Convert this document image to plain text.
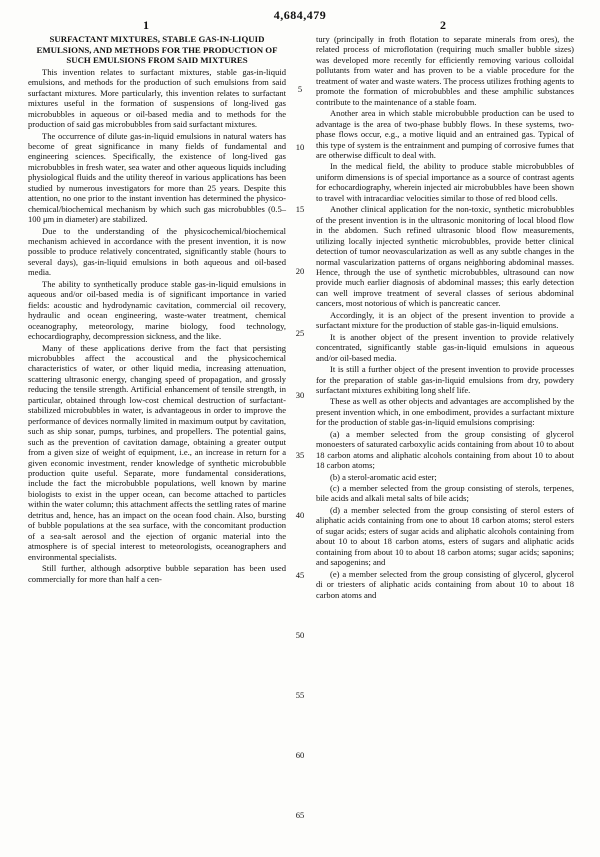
4,684,479
1	2

SURFACTANT MIXTURES, STABLE GAS-IN-LIQUID EMULSIONS, AND METHODS FOR THE PRODUCTION OF SUCH EMULSIONS FROM SAID MIXTURES

This invention relates to surfactant mixtures, stable gas-in-liquid emulsions, and methods for the production of such emulsions from said surfactant mixtures. More particularly, this invention relates to surfactant mixtures useful in the formation of suspensions of long-lived gas microbubbles in aqueous or oil-based media and to methods for the production of said gas microbubbles from said surfactant mixtures.

The occurrence of dilute gas-in-liquid emulsions in natural waters has become of great significance in many fields of fundamental and engineering sciences. Specifically, the existence of long-lived gas microbubbles in fresh water, sea water and other aqueous liquids including physiological fluids and the utility thereof in various applications has been studied by numerous investigators for more than 25 years. Despite this attention, no one prior to the instant invention has determined the physico-chemical/biochemical mechanism by which such gas microbubbles (0.5–100 μm in diameter) are stabilized.

Due to the understanding of the physicochemical/biochemical mechanism achieved in accordance with the present invention, it is now possible to produce relatively concentrated, significantly stable (hours to several days), gas-in-liquid emulsions in both aqueous and oil-based media.

The ability to synthetically produce stable gas-in-liquid emulsions in aqueous and/or oil-based media is of significant importance in varied fields: acoustic and hydrodynamic cavitation, commercial oil recovery, hydraulic and ocean engineering, waste-water treatment, chemical oceanography, meteorology, marine biology, food technology, echocardiography, decompression sickness, and the like.

Many of these applications derive from the fact that persisting microbubbles affect the accoustical and the physicochemical characteristics of water, or other liquid media, increasing attenuation, scattering ultrasonic energy, changing speed of propagation, and grossly reducing the tensile strength. Artificial enhancement of tensile strength, in particular, obtained through low-cost chemical destruction of surfactant-stabilized microbubbles in water, is advantageous in order to improve the performance of devices normally limited in maximum output by cavitation, such as ship sonar, pumps, turbines, and propellers. The potential gains, such as the prevention of cavitation damage, obtaining a greater output from a given size of weight of equipment, i.e., an increase in return for a given economic investment, render knowledge of synthetic microbubble production quite useful. Separate, more fundamental considerations, include the fact the microbubble populations, well known by marine biologists to exist in the upper ocean, can become attached to particles within the water column; this attachment affects the settling rates of marine detritus and, hence, has an impact on the ocean food chain. Also, bursting of bubble populations at the sea surface, with the concomitant production of a sea-salt aerosol and the ejection of organic material into the atmosphere is of special interest to meteorologists, oceanographers and environmental specialists.

Still further, although adsorptive bubble separation has been used commercially for more than half a cen-

5
10
15
20
25
30
35
40
45
50
55
60
65

tury (principally in froth flotation to separate minerals from ores), the related process of microflotation (requiring much smaller bubble sizes) was developed more recently for efficiently removing various colloidal pollutants from water and has proven to be a viable procedure for the treatment of water and waste waters. The process utilizes frothing agents to promote the formation of microbubbles and these amphilic substances contribute to the maintenance of a stable foam.

Another area in which stable microbubble production can be used to advantage is the area of two-phase bubbly flows. In these systems, two-phase flows occur, e.g., a motive liquid and an entrained gas. Typical of this type of system is the entrainment and pumping of corrosive fumes that are otherwise difficult to deal with.

In the medical field, the ability to produce stable microbubbles of uniform dimensions is of special importance as a source of contrast agents for echocardiography, wherein injected air microbubbles have been shown to travel with intracardiac velocities similar to those of red blood cells.

Another clinical application for the non-toxic, synthetic microbubbles of the present invention is in the ultrasonic monitoring of local blood flow in the abdomen. Such refined ultrasonic blood flow measurements, utilizing locally injected synthetic microbubbles, provide better clinical detection of tumor neovascularization as well as any subtle changes in the normal vascularization patterns of organs neighboring abdominal masses. Hence, through the use of synthetic microbubbles, ultrasound can now provide much earlier diagnosis of abdominal masses; this early detection can well improve treatment of several classes of serious abdominal cancers, most notorious of which is pancreatic cancer.

Accordingly, it is an object of the present invention to provide a surfactant mixture for the production of stable gas-in-liquid emulsions.

It is another object of the present invention to provide relatively concentrated, significantly stable gas-in-liquid emulsions in aqueous and/or oil-based media.

It is still a further object of the present invention to provide processes for the preparation of stable gas-in-liquid emulsions from dry, powdery surfactant mixtures exhibiting long shelf life.

These as well as other objects and advantages are accomplished by the present invention which, in one embodiment, provides a surfactant mixture for the production of stable gas-in-liquid emulsions comprising:

(a) a member selected from the group consisting of glycerol monoesters of saturated carboxylic acids containing from about 10 to about 18 carbon atoms and aliphatic alcohols containing from about 10 to about 18 carbon atoms;

(b) a sterol-aromatic acid ester;

(c) a member selected from the group consisting of sterols, terpenes, bile acids and alkali metal salts of bile acids;

(d) a member selected from the group consisting of sterol esters of aliphatic acids containing from one to about 18 carbon atoms; sterol esters of sugar acids; esters of sugar acids and aliphatic alcohols containing from about 10 to about 18 carbon atoms, esters of sugars and aliphatic acids containing from about 10 to about 18 carbon atoms; sugar acids; saponins; and sapogenins; and

(e) a member selected from the group consisting of glycerol, glycerol di or triesters of aliphatic acids containing from about 10 to about 18 carbon atoms and
